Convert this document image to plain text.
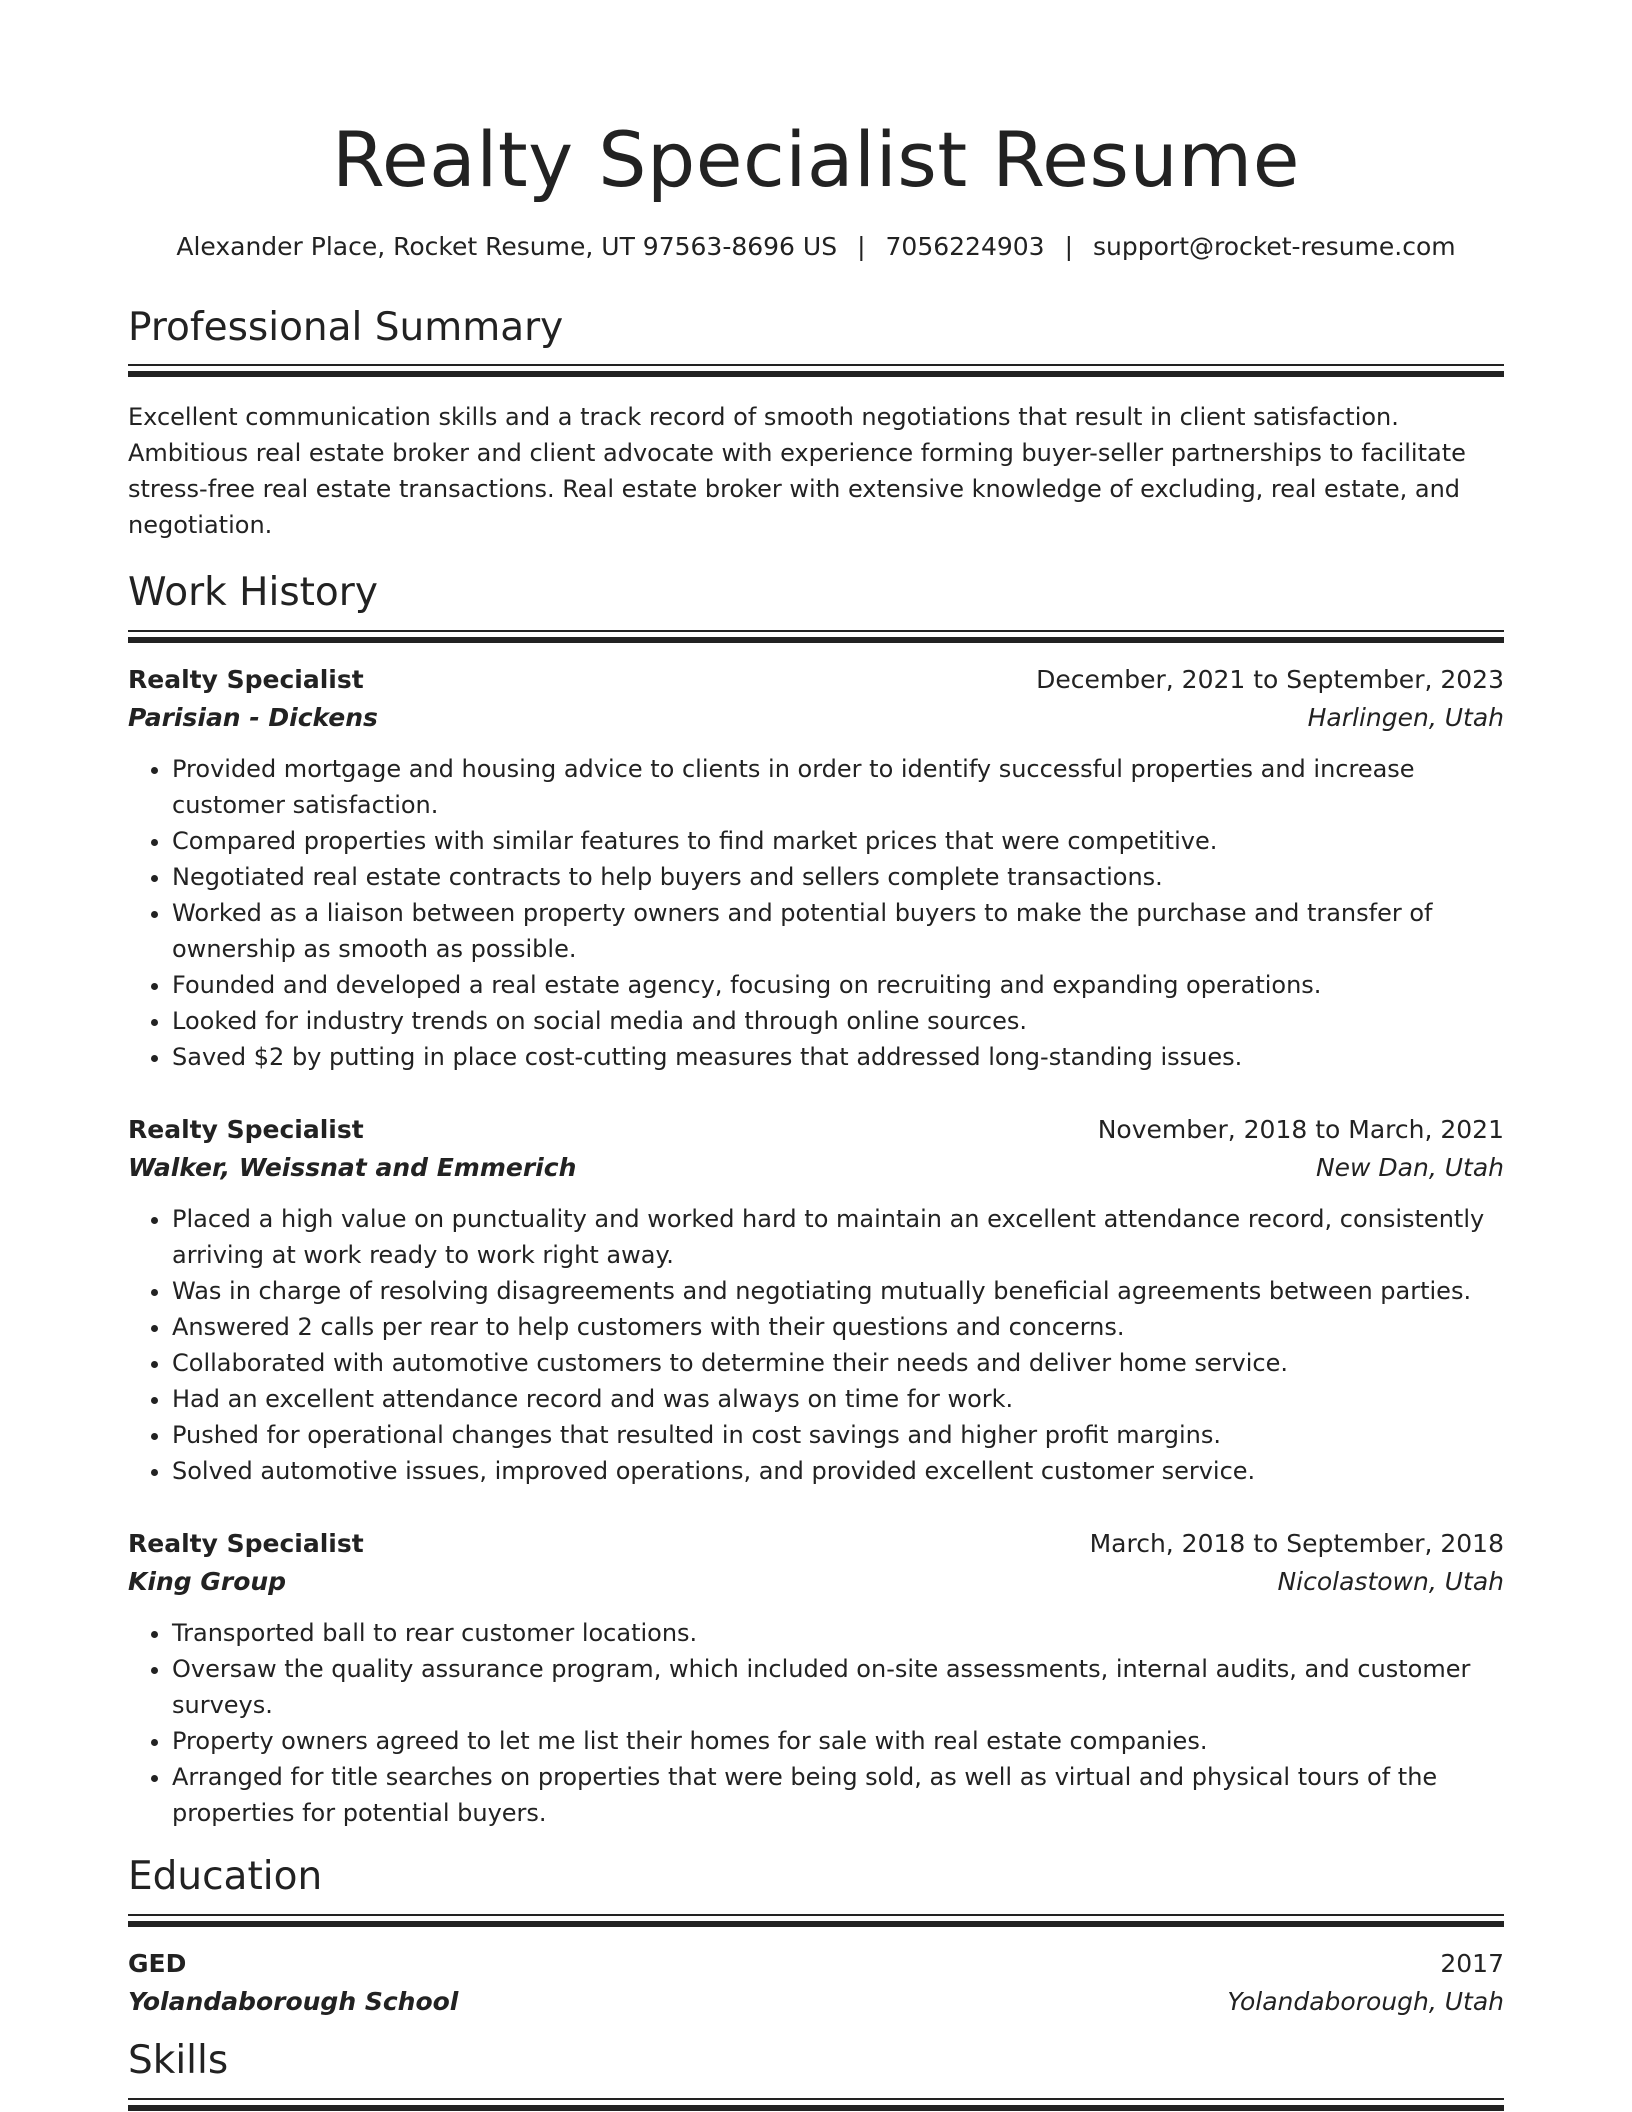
Realty Specialist Resume
Alexander Place, Rocket Resume, UT 97563-8696 US | 7056224903 | support@rocket-resume.com
Professional Summary
Excellent communication skills and a track record of smooth negotiations that result in client satisfaction. Ambitious real estate broker and client advocate with experience forming buyer-seller partnerships to facilitate stress-free real estate transactions. Real estate broker with extensive knowledge of excluding, real estate, and negotiation.
Work History
Realty Specialist	December, 2021 to September, 2023
Parisian - Dickens	Harlingen, Utah
• Provided mortgage and housing advice to clients in order to identify successful properties and increase customer satisfaction.
• Compared properties with similar features to find market prices that were competitive.
• Negotiated real estate contracts to help buyers and sellers complete transactions.
• Worked as a liaison between property owners and potential buyers to make the purchase and transfer of ownership as smooth as possible.
• Founded and developed a real estate agency, focusing on recruiting and expanding operations.
• Looked for industry trends on social media and through online sources.
• Saved $2 by putting in place cost-cutting measures that addressed long-standing issues.
Realty Specialist	November, 2018 to March, 2021
Walker, Weissnat and Emmerich	New Dan, Utah
• Placed a high value on punctuality and worked hard to maintain an excellent attendance record, consistently arriving at work ready to work right away.
• Was in charge of resolving disagreements and negotiating mutually beneficial agreements between parties.
• Answered 2 calls per rear to help customers with their questions and concerns.
• Collaborated with automotive customers to determine their needs and deliver home service.
• Had an excellent attendance record and was always on time for work.
• Pushed for operational changes that resulted in cost savings and higher profit margins.
• Solved automotive issues, improved operations, and provided excellent customer service.
Realty Specialist	March, 2018 to September, 2018
King Group	Nicolastown, Utah
• Transported ball to rear customer locations.
• Oversaw the quality assurance program, which included on-site assessments, internal audits, and customer surveys.
• Property owners agreed to let me list their homes for sale with real estate companies.
• Arranged for title searches on properties that were being sold, as well as virtual and physical tours of the properties for potential buyers.
Education
GED	2017
Yolandaborough School	Yolandaborough, Utah
Skills
